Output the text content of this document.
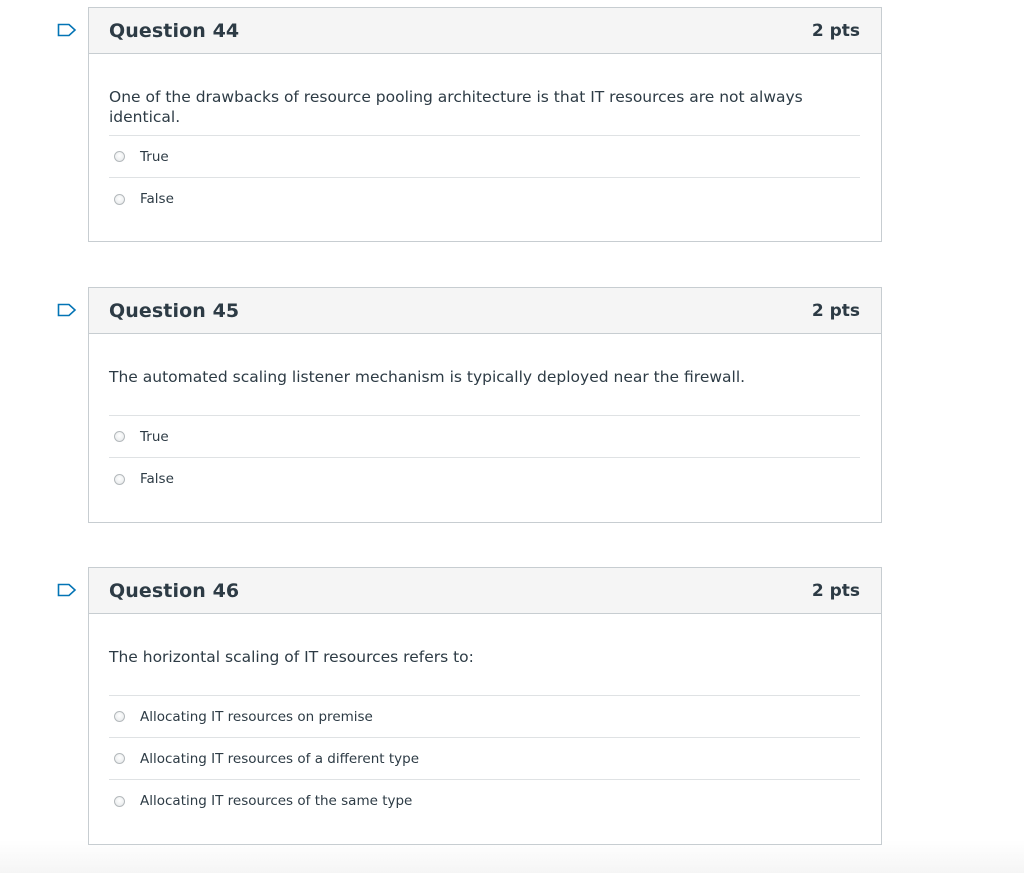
Question 44	2 pts

One of the drawbacks of resource pooling architecture is that IT resources are not always identical.

True
False
Question 45	2 pts

The automated scaling listener mechanism is typically deployed near the firewall.

True
False
Question 46	2 pts

The horizontal scaling of IT resources refers to:

Allocating IT resources on premise
Allocating IT resources of a different type
Allocating IT resources of the same type
